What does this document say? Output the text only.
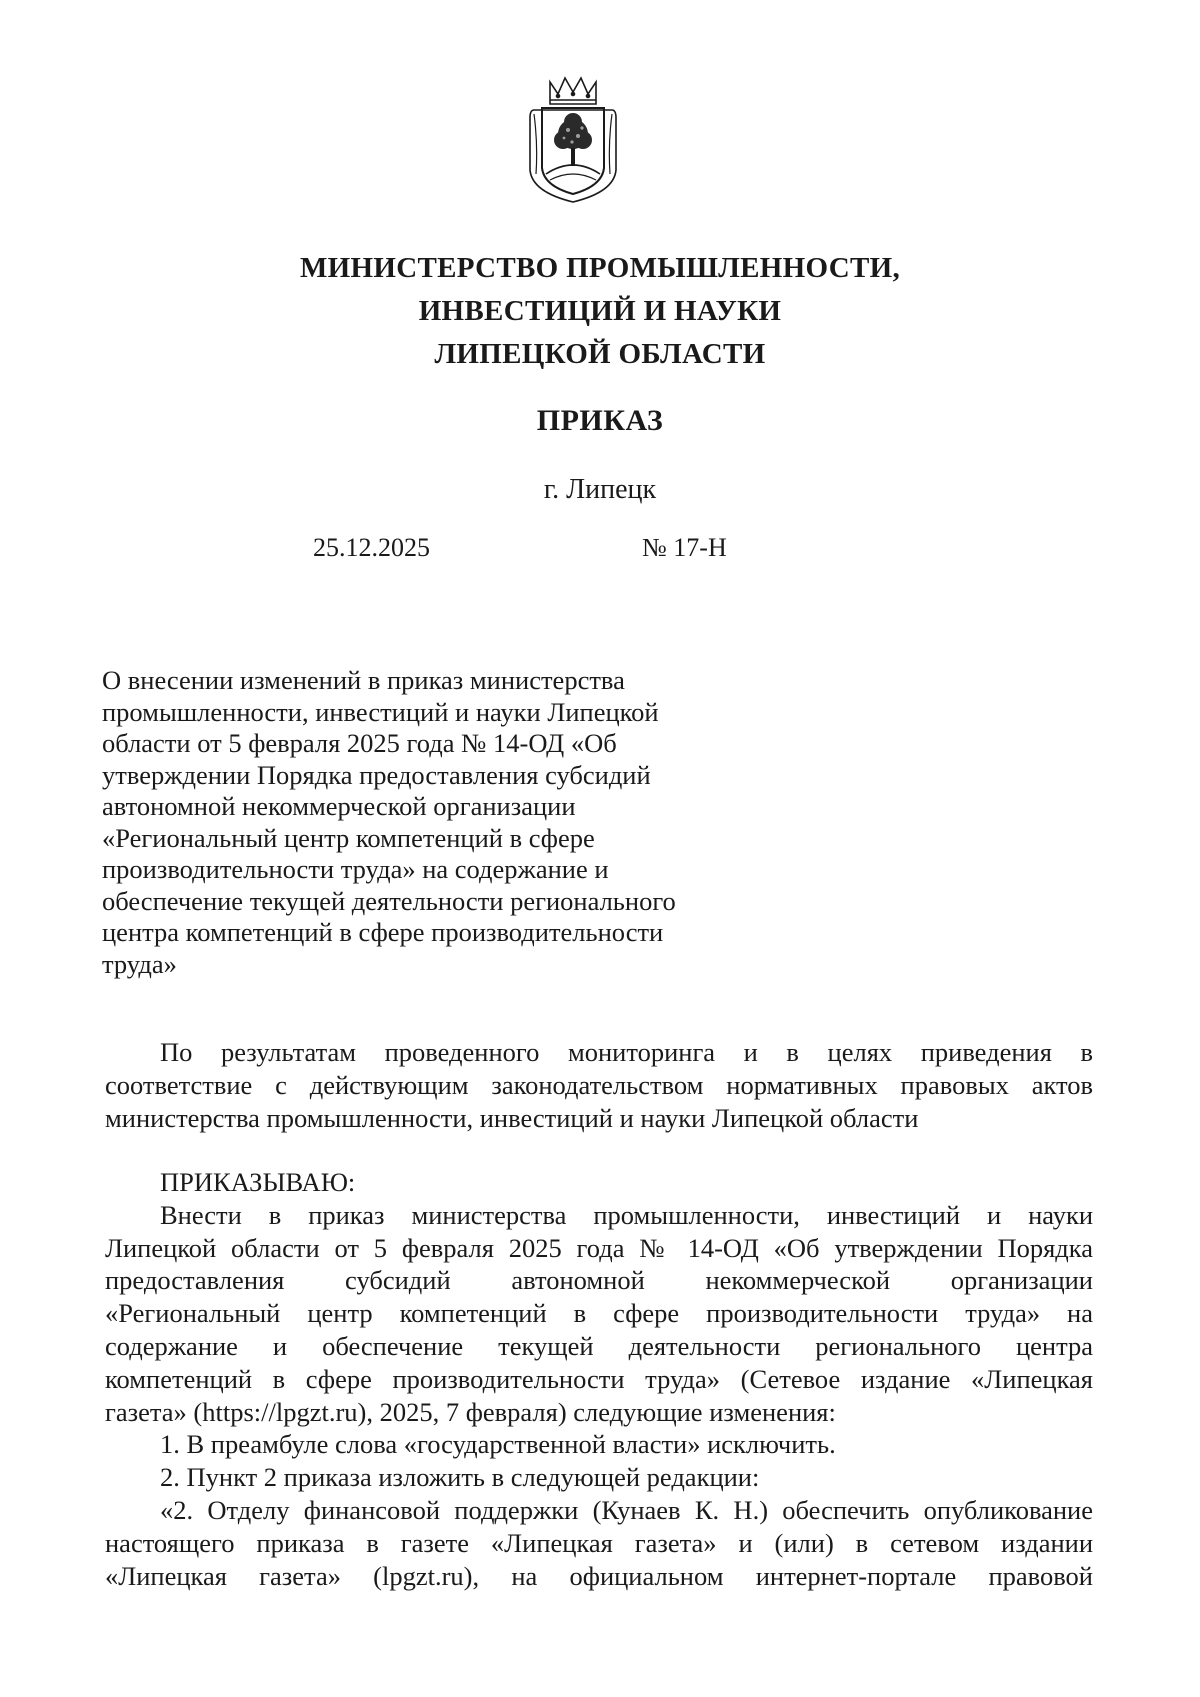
МИНИСТЕРСТВО ПРОМЫШЛЕННОСТИ,
ИНВЕСТИЦИЙ И НАУКИ
ЛИПЕЦКОЙ ОБЛАСТИ
ПРИКАЗ
г. Липецк
25.12.2025	№ 17-Н
О внесении изменений в приказ министерства
промышленности, инвестиций и науки Липецкой
области от 5 февраля 2025 года № 14-ОД «Об
утверждении Порядка предоставления субсидий
автономной некоммерческой организации
«Региональный центр компетенций в сфере
производительности труда» на содержание и
обеспечение текущей деятельности регионального
центра компетенций в сфере производительности
труда»
По результатам проведенного мониторинга и в целях приведения в
соответствие с действующим законодательством нормативных правовых актов
министерства промышленности, инвестиций и науки Липецкой области
ПРИКАЗЫВАЮ:
Внести в приказ министерства промышленности, инвестиций и науки
Липецкой области от 5 февраля 2025 года № 14-ОД «Об утверждении Порядка
предоставления субсидий автономной некоммерческой организации
«Региональный центр компетенций в сфере производительности труда» на
содержание и обеспечение текущей деятельности регионального центра
компетенций в сфере производительности труда» (Сетевое издание «Липецкая
газета» (https://lpgzt.ru), 2025, 7 февраля) следующие изменения:
1. В преамбуле слова «государственной власти» исключить.
2. Пункт 2 приказа изложить в следующей редакции:
«2. Отделу финансовой поддержки (Кунаев К. Н.) обеспечить опубликование
настоящего приказа в газете «Липецкая газета» и (или) в сетевом издании
«Липецкая газета» (lpgzt.ru), на официальном интернет-портале правовой
